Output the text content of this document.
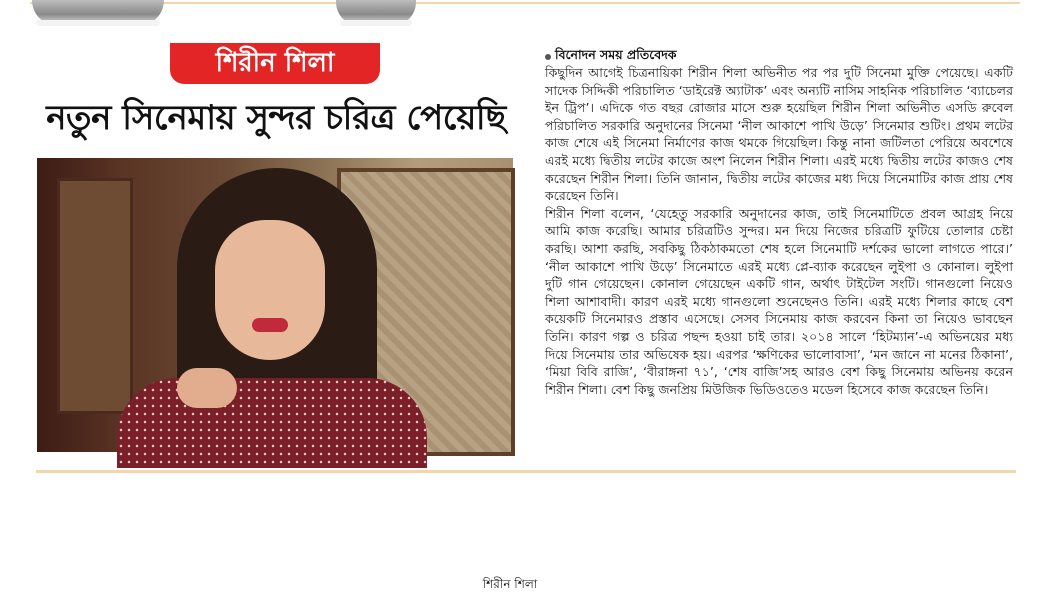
শিরীন শিলা
নতুন সিনেমায় সুন্দর চরিত্র পেয়েছি
শিরীন শিলা
বিনোদন সময় প্রতিবেদক

কিছুদিন আগেই চিত্রনায়িকা শিরীন শিলা অভিনীত পর পর দুটি সিনেমা মুক্তি পেয়েছে। একটি সাদেক সিদ্দিকী পরিচালিত ‘ডাইরেক্ট অ্যাটাক’ এবং অন্যটি নাসিম সাহনিক পরিচালিত ‘ব্যাচেলর ইন ট্রিপ’। এদিকে গত বছর রোজার মাসে শুরু হয়েছিল শিরীন শিলা অভিনীত এসডি রুবেল পরিচালিত সরকারি অনুদানের সিনেমা ‘নীল আকাশে পাখি উড়ে’ সিনেমার শুটিং। প্রথম লটের কাজ শেষে এই সিনেমা নির্মাণের কাজ থমকে গিয়েছিল। কিন্তু নানা জটিলতা পেরিয়ে অবশেষে এরই মধ্যে দ্বিতীয় লটের কাজে অংশ নিলেন শিরীন শিলা। এরই মধ্যে দ্বিতীয় লটের কাজও শেষ করেছেন শিরীন শিলা। তিনি জানান, দ্বিতীয় লটের কাজের মধ্য দিয়ে সিনেমাটির কাজ প্রায় শেষ করেছেন তিনি।

শিরীন শিলা বলেন, ‘যেহেতু সরকারি অনুদানের কাজ, তাই সিনেমাটিতে প্রবল আগ্রহ নিয়ে আমি কাজ করেছি। আমার চরিত্রটিও সুন্দর। মন দিয়ে নিজের চরিত্রটি ফুটিয়ে তোলার চেষ্টা করছি। আশা করছি, সবকিছু ঠিকঠাকমতো শেষ হলে সিনেমাটি দর্শকের ভালো লাগতে পারে।’ ‘নীল আকাশে পাখি উড়ে’ সিনেমাতে এরই মধ্যে প্লে-ব্যাক করেছেন লুইপা ও কোনাল। লুইপা দুটি গান গেয়েছেন। কোনাল গেয়েছেন একটি গান, অর্থাৎ টাইটেল সংটি। গানগুলো নিয়েও শিলা আশাবাদী। কারণ এরই মধ্যে গানগুলো শুনেছেনও তিনি। এরই মধ্যে শিলার কাছে বেশ কয়েকটি সিনেমারও প্রস্তাব এসেছে। সেসব সিনেমায় কাজ করবেন কিনা তা নিয়েও ভাবছেন তিনি। কারণ গল্প ও চরিত্র পছন্দ হওয়া চাই তার। ২০১৪ সালে ‘হিটম্যান’-এ অভিনয়ের মধ্য দিয়ে সিনেমায় তার অভিষেক হয়। এরপর ‘ক্ষণিকের ভালোবাসা’, ‘মন জানে না মনের ঠিকানা’, ‘মিয়া বিবি রাজি’, ‘বীরাঙ্গনা ৭১’, ‘শেষ বাজি’সহ আরও বেশ কিছু সিনেমায় অভিনয় করেন শিরীন শিলা। বেশ কিছু জনপ্রিয় মিউজিক ভিডিওতেও মডেল হিসেবে কাজ করেছেন তিনি।
